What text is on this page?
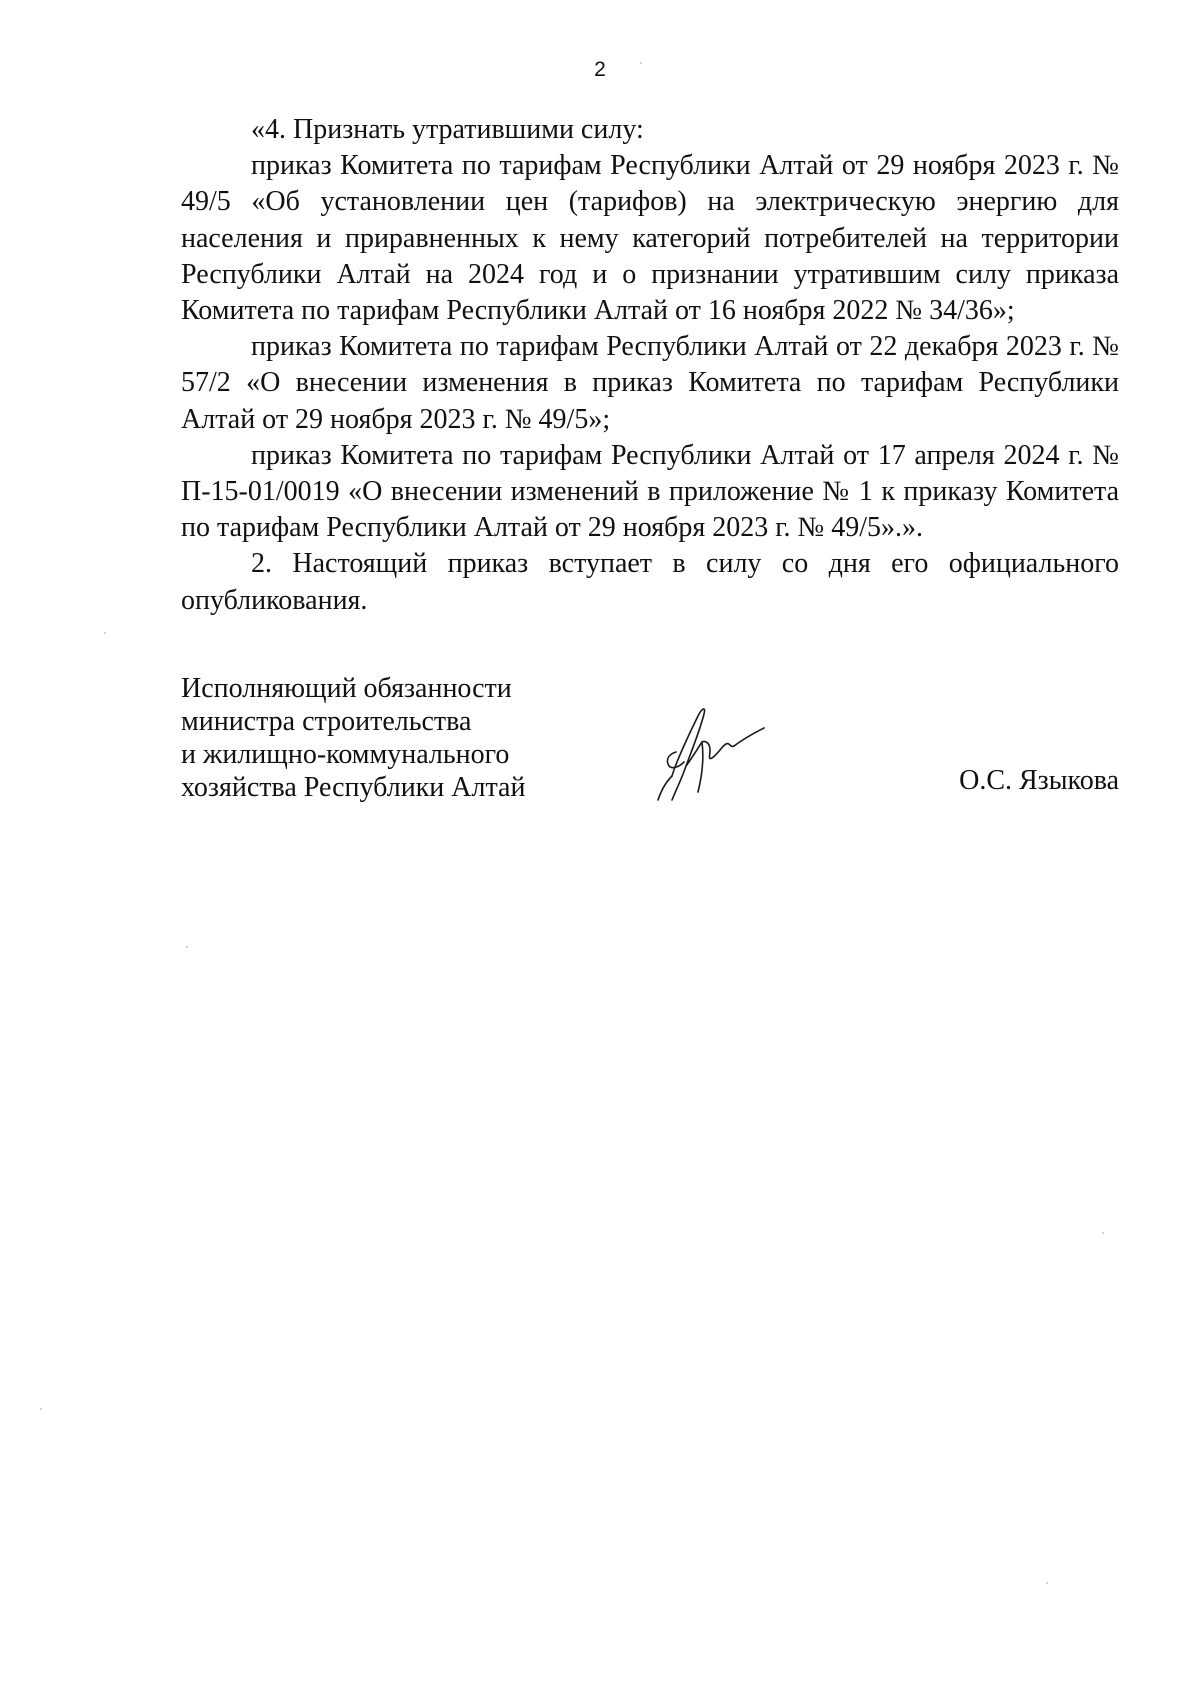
2

«4. Признать утратившими силу:

приказ Комитета по тарифам Республики Алтай от 29 ноября 2023 г. № 49/5 «Об установлении цен (тарифов) на электрическую энергию для населения и приравненных к нему категорий потребителей на территории Республики Алтай на 2024 год и о признании утратившим силу приказа Комитета по тарифам Республики Алтай от 16 ноября 2022 № 34/36»;

приказ Комитета по тарифам Республики Алтай от 22 декабря 2023 г. № 57/2 «О внесении изменения в приказ Комитета по тарифам Республики Алтай от 29 ноября 2023 г. № 49/5»;

приказ Комитета по тарифам Республики Алтай от 17 апреля 2024 г. № П-15-01/0019 «О внесении изменений в приложение № 1 к приказу Комитета по тарифам Республики Алтай от 29 ноября 2023 г. № 49/5».».

2. Настоящий приказ вступает в силу со дня его официального опубликования.

Исполняющий обязанности
министра строительства
и жилищно-коммунального
хозяйства Республики Алтай	О.С. Языкова
